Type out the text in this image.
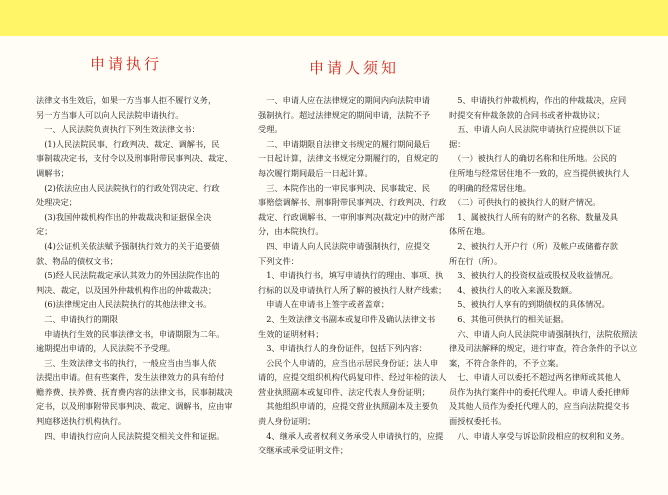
申请执行	申请人须知

法律文书生效后，如果一方当事人拒不履行义务，

另一方当事人可以向人民法院申请执行。

　一、人民法院负责执行下列生效法律文书：

　(1)人民法院民事、行政判决、裁定、调解书，民

事制裁决定书，支付令以及刑事附带民事判决、裁定、

调解书；

　(2)依法应由人民法院执行的行政处罚决定、行政

处理决定；

　(3)我国仲裁机构作出的仲裁裁决和证据保全决

定；

　(4)公证机关依法赋予强制执行效力的关于追要债

款、物品的债权文书；

　(5)经人民法院裁定承认其效力的外国法院作出的

判决、裁定，以及国外仲裁机构作出的仲裁裁决；

　(6)法律规定由人民法院执行的其他法律文书。

　二、申请执行的期限

　申请执行生效的民事法律文书，申请期限为二年。

逾期提出申请的，人民法院不予受理。

　三、生效法律文书的执行，一般应当由当事人依

法提出申请。但有些案件，发生法律效力的具有给付

赡养费、扶养费、抚育费内容的法律文书，民事制裁决

定书，以及刑事附带民事判决、裁定、调解书，应由审

判庭移送执行机构执行。

　四、申请执行应向人民法院提交相关文件和证据。

　一、申请人应在法律规定的期间内向法院申请

强制执行。超过法律规定的期间申请，法院不予

受理。

　二、申请期限自法律文书规定的履行期间最后

一日起计算，法律文书规定分期履行的，自规定的

每次履行期间最后一日起计算。

　三、本院作出的一审民事判决、民事裁定、民

事赔偿调解书、刑事附带民事判决、行政判决、行政

裁定、行政调解书、一审刑事判决(裁定)中的财产部

分，由本院执行。

　四、申请人向人民法院申请强制执行，应提交

下列文件：

　1、申请执行书，填写申请执行的理由、事项、执

行标的以及申请执行人所了解的被执行人财产线索；

　申请人在申请书上签字或者盖章；

　2、生效法律文书副本或复印件及确认法律文书

生效的证明材料；

　3、申请执行人的身份证件，包括下列内容：

　公民个人申请的，应当出示居民身份证；法人申

请的，应提交组织机构代码复印件、经过年检的法人

营业执照副本或复印件、法定代表人身份证明；

　其他组织申请的，应提交营业执照副本及主要负

责人身份证明；

　4、继承人或者权利义务承受人申请执行的，应提

交继承或承受证明文件；

　5、申请执行仲裁机构，作出的仲裁裁决，应同

时提交有仲裁条款的合同书或者仲裁协议；

　五、申请人向人民法院申请执行应提供以下证

据：

　（一）被执行人的确切名称和住所地。公民的

住所地与经常居住地不一致的，应当提供被执行人

的明确的经常居住地。

　（二）可供执行的被执行人的财产情况。

　1、属被执行人所有的财产的名称、数量及具

体所在地。

　2、被执行人开户行（所）及帐户或储蓄存款

所在行（所）。

　3、被执行人的投资权益或股权及收益情况。

　4、被执行人的收入来源及数额。

　5、被执行人享有的到期债权的具体情况。

　6、其他可供执行的相关证据。

　六、申请人向人民法院申请强制执行，法院依照法

律及司法解释的规定，进行审查，符合条件的予以立

案，不符合条件的，不予立案。

　七、申请人可以委托不超过两名律师或其他人

员作为执行案件中的委托代理人。申请人委托律师

及其他人员作为委托代理人的，应当向法院提交书

面授权委托书。

　八、申请人享受与诉讼阶段相应的权利和义务。
